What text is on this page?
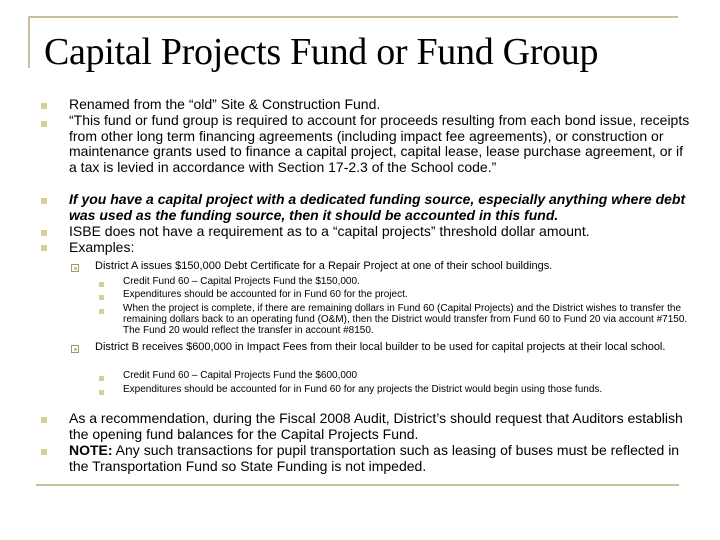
Capital Projects Fund or Fund Group

Renamed from the “old” Site & Construction Fund.

“This fund or fund group is required to account for proceeds resulting from each bond issue, receipts from other long term financing agreements (including impact fee agreements), or construction or maintenance grants used to finance a capital project, capital lease, lease purchase agreement, or if a tax is levied in accordance with Section 17-2.3 of the School code.”

If you have a capital project with a dedicated funding source, especially anything where debt was used as the funding source, then it should be accounted in this fund.

ISBE does not have a requirement as to a “capital projects” threshold dollar amount.

Examples:

District A issues $150,000 Debt Certificate for a Repair Project at one of their school buildings.

Credit Fund 60 – Capital Projects Fund the $150,000.

Expenditures should be accounted for in Fund 60 for the project.

When the project is complete, if there are remaining dollars in Fund 60 (Capital Projects) and the District wishes to transfer the remaining dollars back to an operating fund (O&M), then the District would transfer from Fund 60 to Fund 20 via account #7150. The Fund 20 would reflect the transfer in account #8150.

District B receives $600,000 in Impact Fees from their local builder to be used for capital projects at their local school.

Credit Fund 60 – Capital Projects Fund the $600,000

Expenditures should be accounted for in Fund 60 for any projects the District would begin using those funds.

As a recommendation, during the Fiscal 2008 Audit, District’s should request that Auditors establish the opening fund balances for the Capital Projects Fund.

NOTE: Any such transactions for pupil transportation such as leasing of buses must be reflected in the Transportation Fund so State Funding is not impeded.
